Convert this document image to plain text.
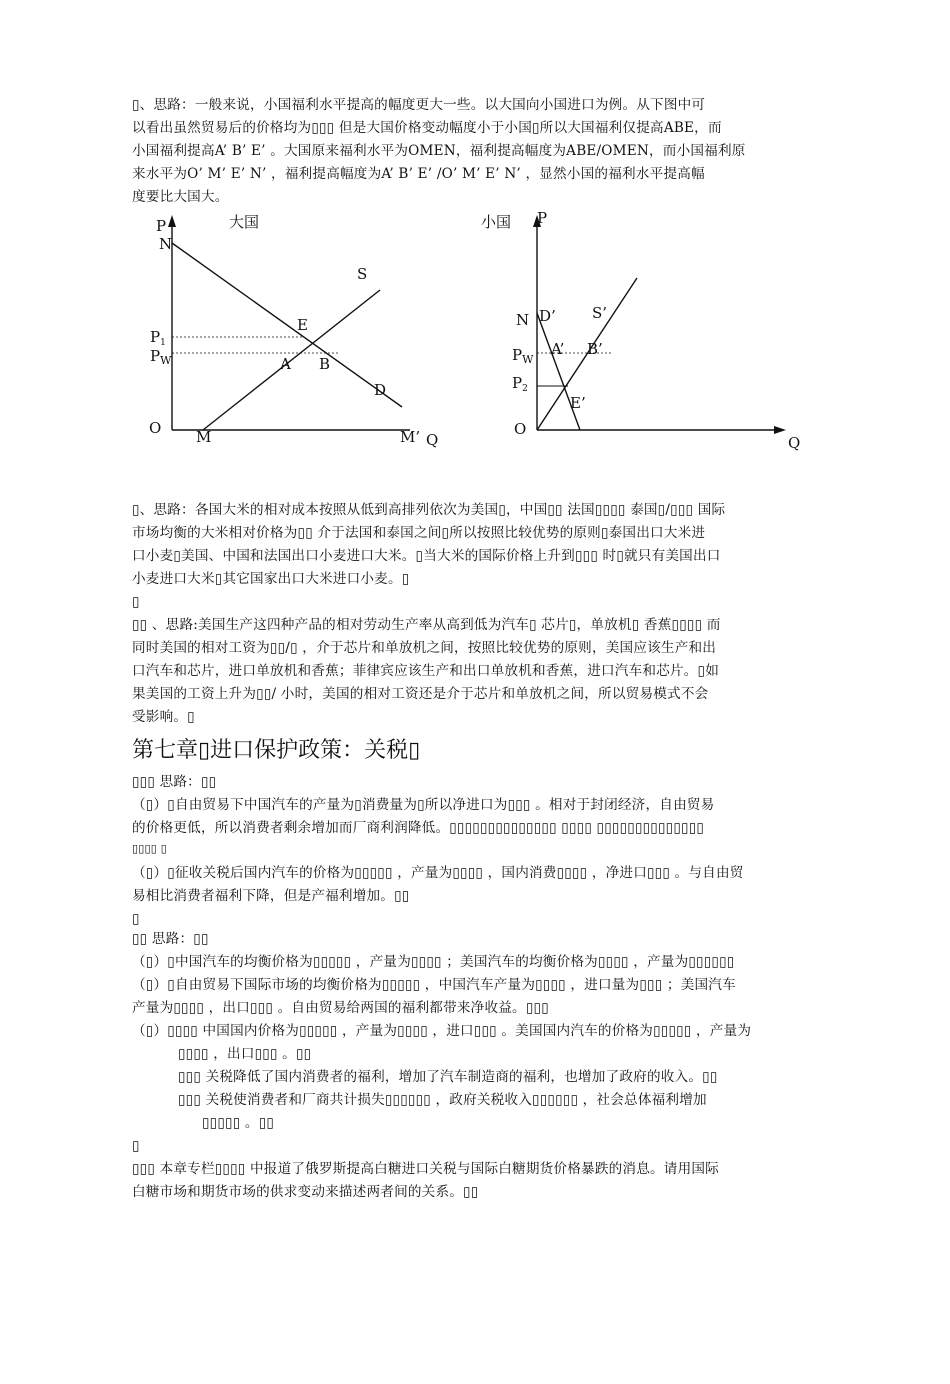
▯、思路：一般来说，小国福利水平提高的幅度更大一些。以大国向小国进口为例。从下图中可
以看出虽然贸易后的价格均为▯▯▯ 但是大国价格变动幅度小于小国▯所以大国福利仅提高ABE，而
小国福利提高A’ B’ E’ 。大国原来福利水平为OMEN，福利提高幅度为ABE/OMEN，而小国福利原
来水平为O’ M’ E’ N’ ，福利提高幅度为A’ B’ E’ /O’ M’ E’ N’ ，显然小国的福利水平提高幅
度要比大国大。
大国
P
N
S
E
$P_1$
$P_W$	A B
D
O M	M’ Q
小国 P
N D’ S’
A’ B’
$P_W$
$P_2$
E’
O
Q
▯、思路：各国大米的相对成本按照从低到高排列依次为美国▯，中国▯▯ 法国▯▯▯▯ 泰国▯/▯▯▯ 国际
市场均衡的大米相对价格为▯▯ 介于法国和泰国之间▯所以按照比较优势的原则▯泰国出口大米进
口小麦▯美国、中国和法国出口小麦进口大米。▯当大米的国际价格上升到▯▯▯ 时▯就只有美国出口
小麦进口大米▯其它国家出口大米进口小麦。▯
▯
▯▯ 、思路:美国生产这四种产品的相对劳动生产率从高到低为汽车▯ 芯片▯，单放机▯ 香蕉▯▯▯▯ 而
同时美国的相对工资为▯▯/▯ ，介于芯片和单放机之间，按照比较优势的原则，美国应该生产和出
口汽车和芯片，进口单放机和香蕉；菲律宾应该生产和出口单放机和香蕉，进口汽车和芯片。▯如
果美国的工资上升为▯▯/ 小时，美国的相对工资还是介于芯片和单放机之间，所以贸易模式不会
受影响。▯
第七章▯进口保护政策：关税▯
▯▯▯ 思路：▯▯
（▯）▯自由贸易下中国汽车的产量为▯消费量为▯所以净进口为▯▯▯ 。相对于封闭经济，自由贸易
的价格更低，所以消费者剩余增加而厂商利润降低。▯▯▯▯▯▯▯▯▯▯▯▯▯▯ ▯▯▯▯ ▯▯▯▯▯▯▯▯▯▯▯▯▯▯
▯▯▯▯ ▯
（▯）▯征收关税后国内汽车的价格为▯▯▯▯▯ ，产量为▯▯▯▯ ，国内消费▯▯▯▯ ，净进口▯▯▯ 。与自由贸
易相比消费者福利下降，但是产福利增加。▯▯
▯
▯▯ 思路：▯▯
（▯）▯中国汽车的均衡价格为▯▯▯▯▯ ，产量为▯▯▯▯ ；美国汽车的均衡价格为▯▯▯▯ ，产量为▯▯▯▯▯▯
（▯）▯自由贸易下国际市场的均衡价格为▯▯▯▯▯ ，中国汽车产量为▯▯▯▯ ，进口量为▯▯▯ ；美国汽车
产量为▯▯▯▯ ，出口▯▯▯ 。自由贸易给两国的福利都带来净收益。▯▯▯
（▯）▯▯▯▯ 中国国内价格为▯▯▯▯▯ ，产量为▯▯▯▯ ，进口▯▯▯ 。美国国内汽车的价格为▯▯▯▯▯ ，产量为
▯▯▯▯ ，出口▯▯▯ 。▯▯
▯▯▯ 关税降低了国内消费者的福利，增加了汽车制造商的福利，也增加了政府的收入。▯▯
▯▯▯ 关税使消费者和厂商共计损失▯▯▯▯▯▯ ，政府关税收入▯▯▯▯▯▯ ，社会总体福利增加
▯▯▯▯▯ 。▯▯
▯
▯▯▯ 本章专栏▯▯▯▯ 中报道了俄罗斯提高白糖进口关税与国际白糖期货价格暴跌的消息。请用国际
白糖市场和期货市场的供求变动来描述两者间的关系。▯▯
